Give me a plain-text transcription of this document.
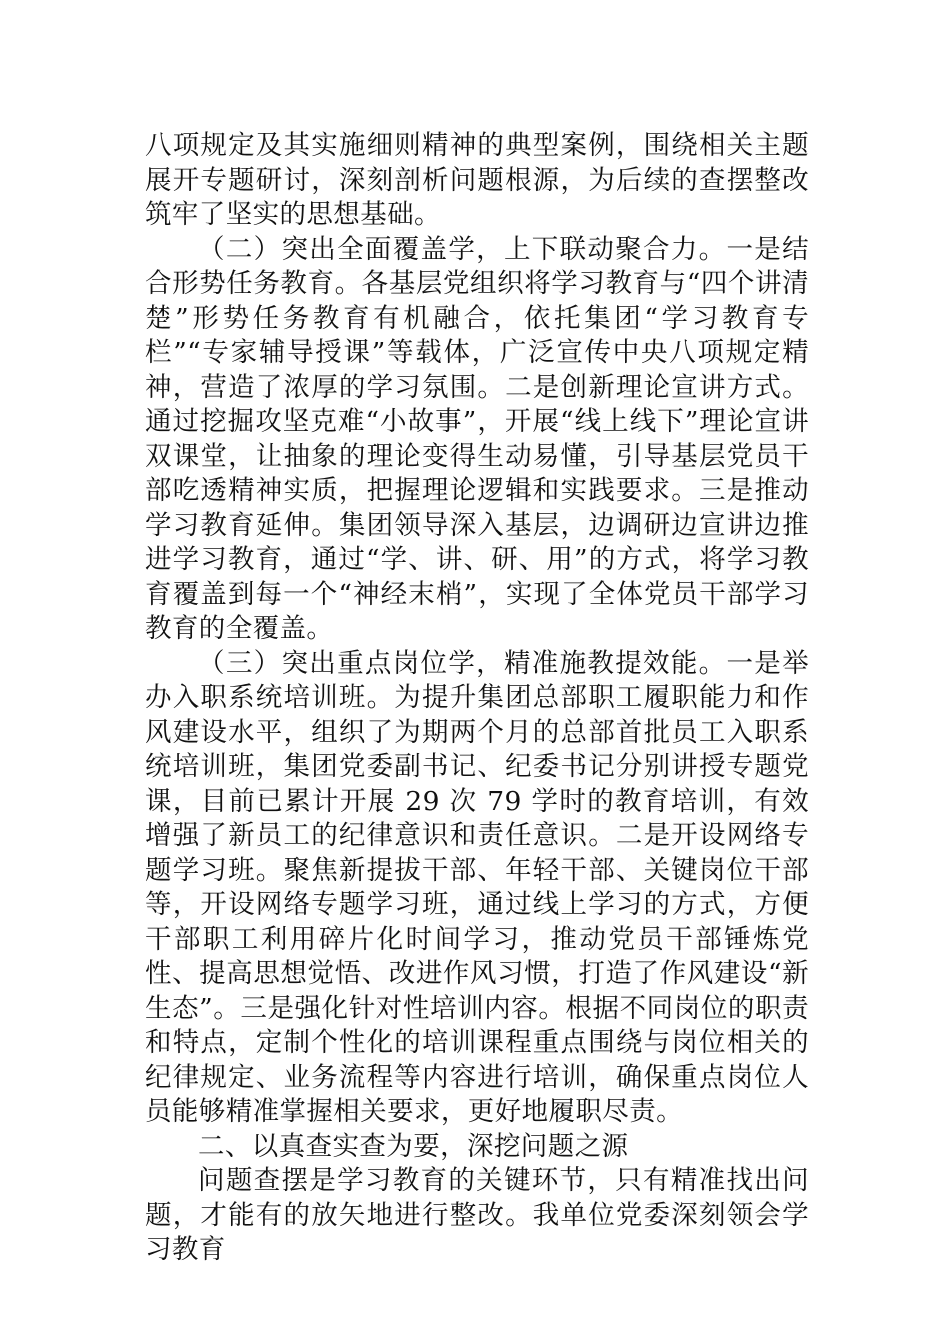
八项规定及其实施细则精神的典型案例，围绕相关主题展开专题研讨，深刻剖析问题根源，为后续的查摆整改筑牢了坚实的思想基础。

（二）突出全面覆盖学，上下联动聚合力。一是结合形势任务教育。各基层党组织将学习教育与“四个讲清楚”形势任务教育有机融合，依托集团“学习教育专栏”“专家辅导授课”等载体，广泛宣传中央八项规定精神，营造了浓厚的学习氛围。二是创新理论宣讲方式。通过挖掘攻坚克难“小故事”，开展“线上线下”理论宣讲双课堂，让抽象的理论变得生动易懂，引导基层党员干部吃透精神实质，把握理论逻辑和实践要求。三是推动学习教育延伸。集团领导深入基层，边调研边宣讲边推进学习教育，通过“学、讲、研、用”的方式，将学习教育覆盖到每一个“神经末梢”，实现了全体党员干部学习教育的全覆盖。

（三）突出重点岗位学，精准施教提效能。一是举办入职系统培训班。为提升集团总部职工履职能力和作风建设水平，组织了为期两个月的总部首批员工入职系统培训班，集团党委副书记、纪委书记分别讲授专题党课，目前已累计开展 29 次 79 学时的教育培训，有效增强了新员工的纪律意识和责任意识。二是开设网络专题学习班。聚焦新提拔干部、年轻干部、关键岗位干部等，开设网络专题学习班，通过线上学习的方式，方便干部职工利用碎片化时间学习，推动党员干部锤炼党性、提高思想觉悟、改进作风习惯，打造了作风建设“新生态”。三是强化针对性培训内容。根据不同岗位的职责和特点，定制个性化的培训课程重点围绕与岗位相关的纪律规定、业务流程等内容进行培训，确保重点岗位人员能够精准掌握相关要求，更好地履职尽责。

二、以真查实查为要，深挖问题之源

问题查摆是学习教育的关键环节，只有精准找出问题，才能有的放矢地进行整改。我单位党委深刻领会学习教育
